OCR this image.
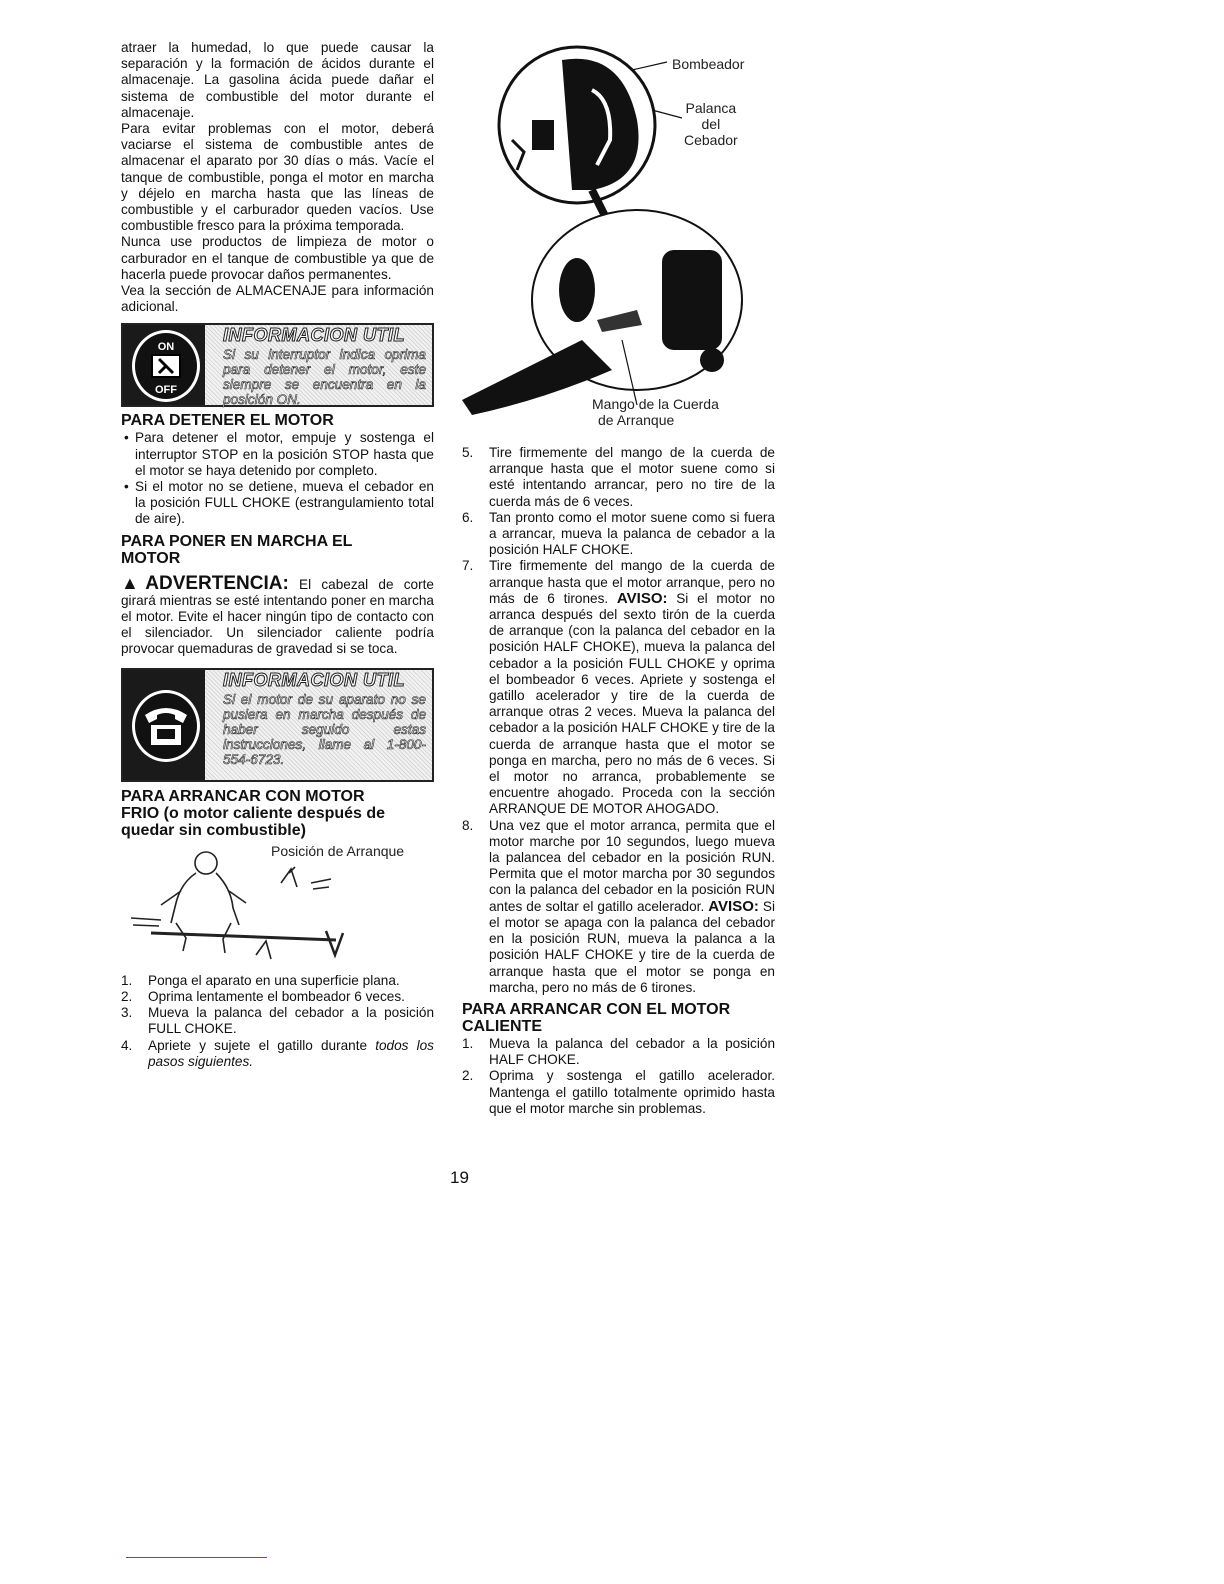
atraer la humedad, lo que puede causar la separación y la formación de ácidos durante el almacenaje. La gasolina ácida puede dañar el sistema de combustible del motor durante el almacenaje.

Para evitar problemas con el motor, deberá vaciarse el sistema de combustible antes de almacenar el aparato por 30 días o más. Vacíe el tanque de combustible, ponga el motor en marcha y déjelo en marcha hasta que las líneas de combustible y el carburador queden vacíos. Use combustible fresco para la próxima temporada.

Nunca use productos de limpieza de motor o carburador en el tanque de combustible ya que de hacerla puede provocar daños permanentes.

Vea la sección de ALMACENAJE para información adicional.

ON
OFF
INFORMACION UTIL
Si su interruptor indica oprima para detener el motor, este siempre se encuentra en la posición ON.
PARA DETENER EL MOTOR
• Para detener el motor, empuje y sostenga el interruptor STOP en la posición STOP hasta que el motor se haya detenido por completo.
• Si el motor no se detiene, mueva el cebador en la posición FULL CHOKE (estrangulamiento total de aire).
PARA PONER EN MARCHA EL MOTOR

▲ADVERTENCIA: El cabezal de corte girará mientras se esté intentando poner en marcha el motor. Evite el hacer ningún tipo de contacto con el silenciador. Un silenciador caliente podría provocar quemaduras de gravedad si se toca.

INFORMACION UTIL
Si el motor de su aparato no se pusiera en marcha después de haber seguido estas instrucciones, llame al 1-800-554-6723.
PARA ARRANCAR CON MOTOR
FRIO (o motor caliente después de quedar sin combustible)
Posición de Arranque
1. Ponga el aparato en una superficie plana.
2. Oprima lentamente el bombeador 6 veces.
3. Mueva la palanca del cebador a la posición FULL CHOKE.
4. Apriete y sujete el gatillo durante todos los pasos siguientes.
Bombeador
Palanca
del
Cebador
Mango de la Cuerda
de Arranque
5. Tire firmemente del mango de la cuerda de arranque hasta que el motor suene como si esté intentando arrancar, pero no tire de la cuerda más de 6 veces.
6. Tan pronto como el motor suene como si fuera a arrancar, mueva la palanca de cebador a la posición HALF CHOKE.
7. Tire firmemente del mango de la cuerda de arranque hasta que el motor arranque, pero no más de 6 tirones. AVISO: Si el motor no arranca después del sexto tirón de la cuerda de arranque (con la palanca del cebador en la posición HALF CHOKE), mueva la palanca del cebador a la posición FULL CHOKE y oprima el bombeador 6 veces. Apriete y sostenga el gatillo acelerador y tire de la cuerda de arranque otras 2 veces. Mueva la palanca del cebador a la posición HALF CHOKE y tire de la cuerda de arranque hasta que el motor se ponga en marcha, pero no más de 6 veces. Si el motor no arranca, probablemente se encuentre ahogado. Proceda con la sección ARRANQUE DE MOTOR AHOGADO.
8. Una vez que el motor arranca, permita que el motor marche por 10 segundos, luego mueva la palancea del cebador en la posición RUN. Permita que el motor marcha por 30 segundos con la palanca del cebador en la posición RUN antes de soltar el gatillo acelerador. AVISO: Si el motor se apaga con la palanca del cebador en la posición RUN, mueva la palanca a la posición HALF CHOKE y tire de la cuerda de arranque hasta que el motor se ponga en marcha, pero no más de 6 tirones.
PARA ARRANCAR CON EL MOTOR CALIENTE
1. Mueva la palanca del cebador a la posición HALF CHOKE.
2. Oprima y sostenga el gatillo acelerador. Mantenga el gatillo totalmente oprimido hasta que el motor marche sin problemas.
19
